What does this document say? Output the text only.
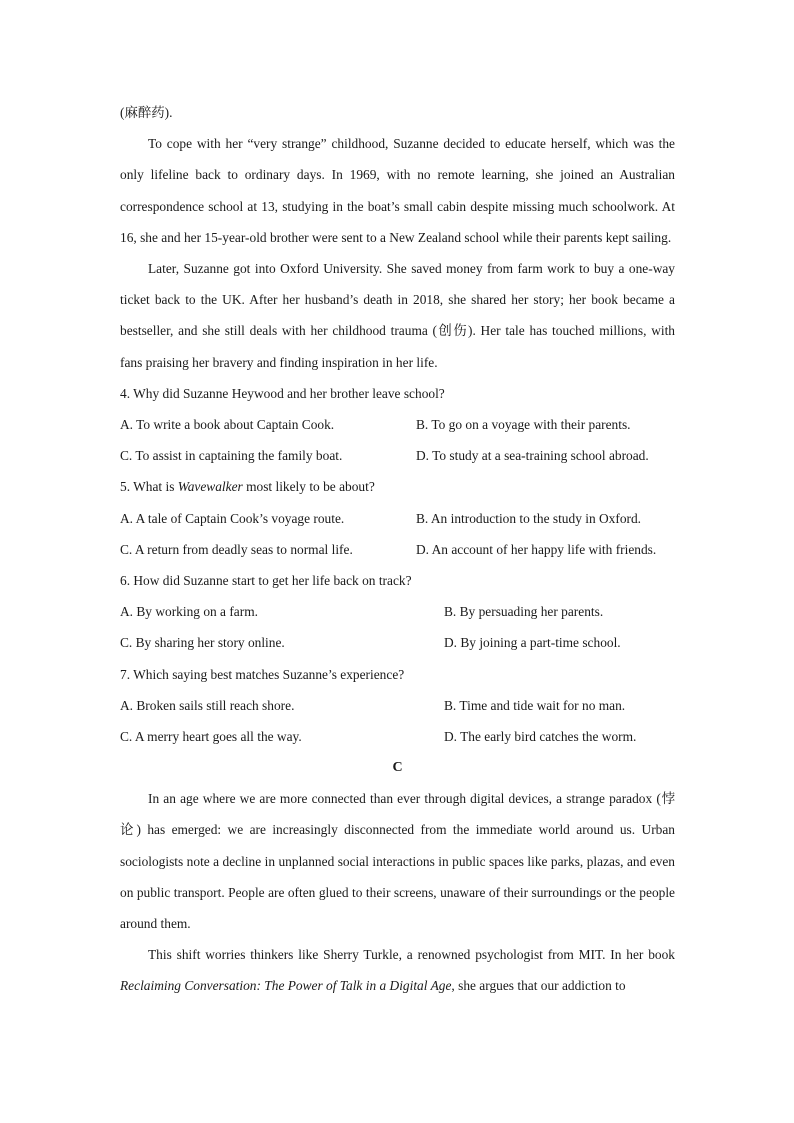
(麻醉药).

To cope with her “very strange” childhood, Suzanne decided to educate herself, which was the only lifeline back to ordinary days. In 1969, with no remote learning, she joined an Australian correspondence school at 13, studying in the boat’s small cabin despite missing much schoolwork. At 16, she and her 15-year-old brother were sent to a New Zealand school while their parents kept sailing.

Later, Suzanne got into Oxford University. She saved money from farm work to buy a one-way ticket back to the UK. After her husband’s death in 2018, she shared her story; her book became a bestseller, and she still deals with her childhood trauma (创伤). Her tale has touched millions, with fans praising her bravery and finding inspiration in her life.

4. Why did Suzanne Heywood and her brother leave school?
A. To write a book about Captain Cook.	B. To go on a voyage with their parents.
C. To assist in captaining the family boat.	D. To study at a sea-training school abroad.
5. What is Wavewalker most likely to be about?
A. A tale of Captain Cook’s voyage route.	B. An introduction to the study in Oxford.
C. A return from deadly seas to normal life.	D. An account of her happy life with friends.
6. How did Suzanne start to get her life back on track?
A. By working on a farm.	B. By persuading her parents.
C. By sharing her story online.	D. By joining a part-time school.
7. Which saying best matches Suzanne’s experience?
A. Broken sails still reach shore.	B. Time and tide wait for no man.
C. A merry heart goes all the way.	D. The early bird catches the worm.
C

In an age where we are more connected than ever through digital devices, a strange paradox (悖论) has emerged: we are increasingly disconnected from the immediate world around us. Urban sociologists note a decline in unplanned social interactions in public spaces like parks, plazas, and even on public transport. People are often glued to their screens, unaware of their surroundings or the people around them.

This shift worries thinkers like Sherry Turkle, a renowned psychologist from MIT. In her book Reclaiming Conversation: The Power of Talk in a Digital Age, she argues that our addiction to
